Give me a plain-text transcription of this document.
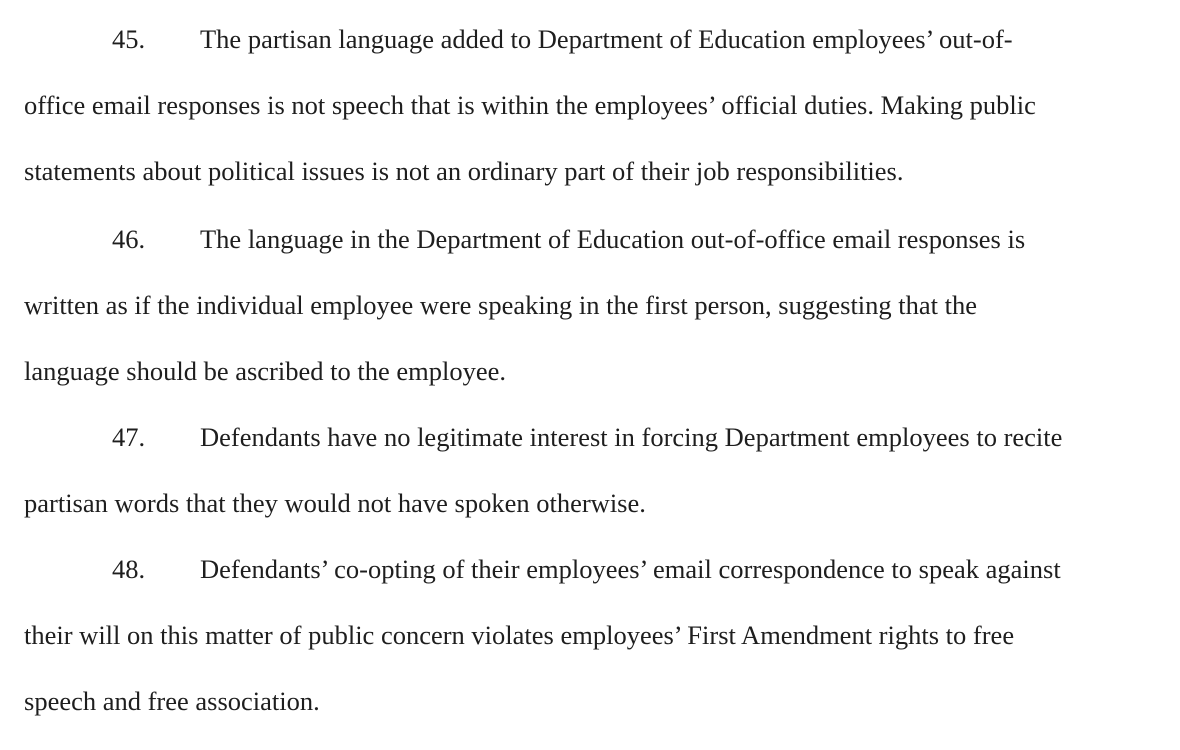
45. The partisan language added to Department of Education employees’ out-of-
office email responses is not speech that is within the employees’ official duties. Making public
statements about political issues is not an ordinary part of their job responsibilities.
46. The language in the Department of Education out-of-office email responses is
written as if the individual employee were speaking in the first person, suggesting that the
language should be ascribed to the employee.
47. Defendants have no legitimate interest in forcing Department employees to recite
partisan words that they would not have spoken otherwise.
48. Defendants’ co-opting of their employees’ email correspondence to speak against
their will on this matter of public concern violates employees’ First Amendment rights to free
speech and free association.
